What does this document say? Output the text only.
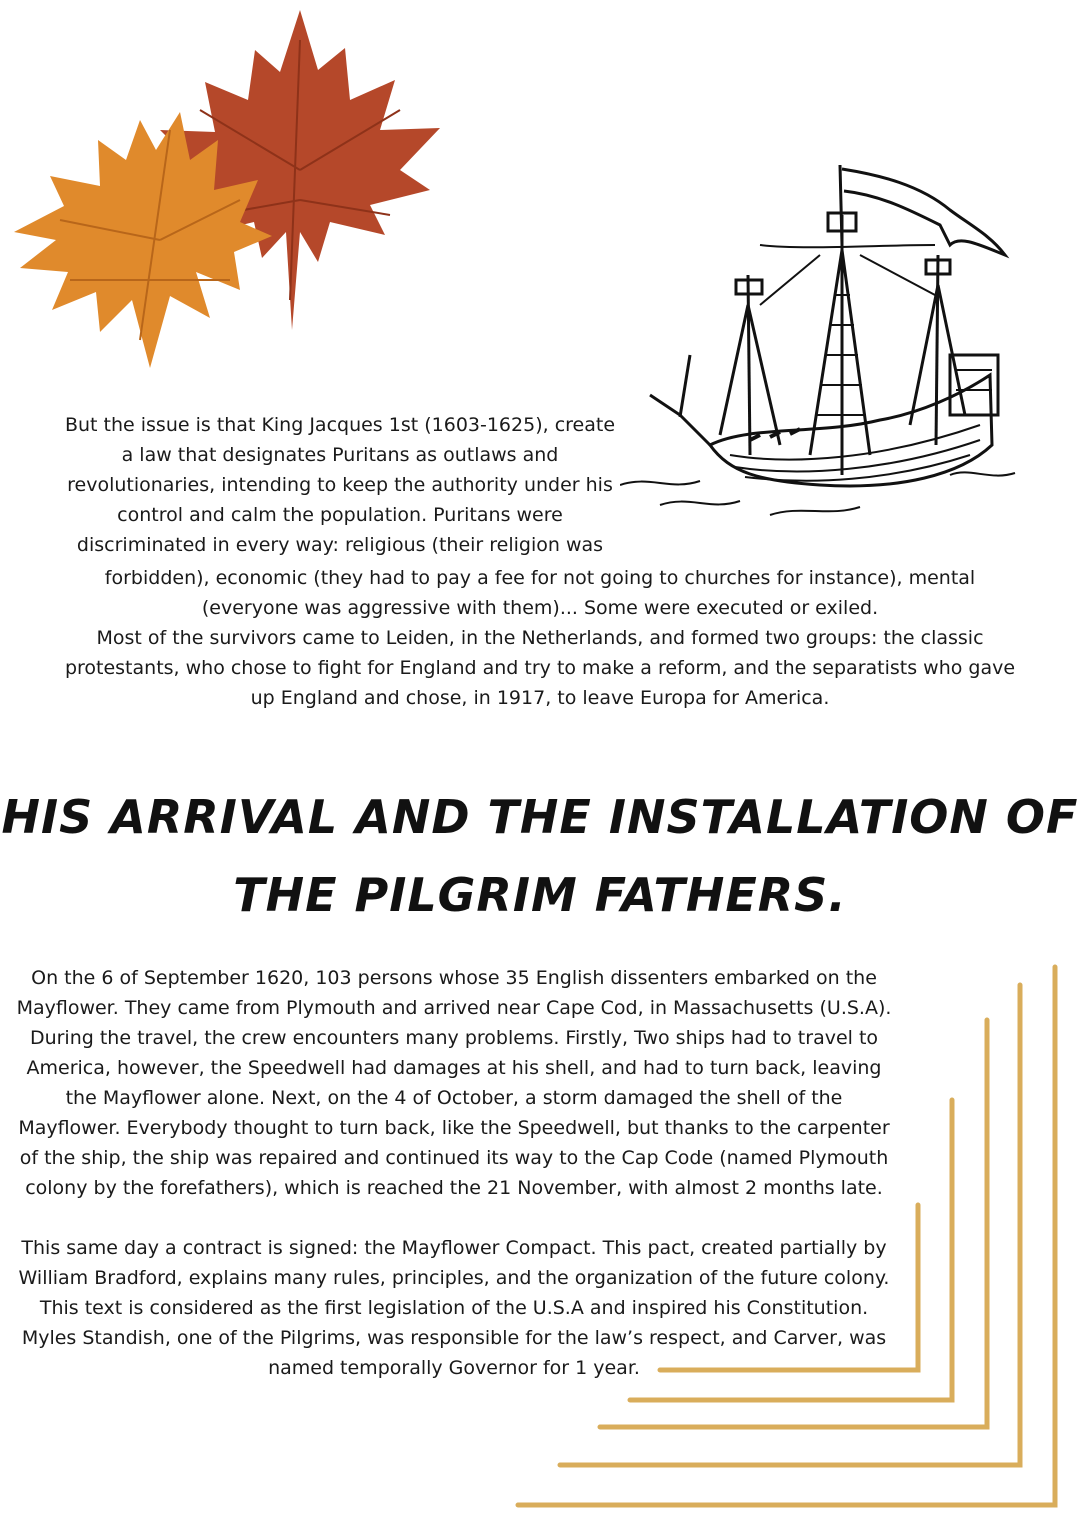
But the issue is that King Jacques 1st (1603-1625), create
a law that designates Puritans as outlaws and
revolutionaries, intending to keep the authority under his
control and calm the population. Puritans were
discriminated in every way: religious (their religion was
forbidden), economic (they had to pay a fee for not going to churches for instance), mental
(everyone was aggressive with them)... Some were executed or exiled.
Most of the survivors came to Leiden, in the Netherlands, and formed two groups: the classic
protestants, who chose to fight for England and try to make a reform, and the separatists who gave
up England and chose, in 1917, to leave Europa for America.
HIS ARRIVAL AND THE INSTALLATION OF
THE PILGRIM FATHERS.
On the 6 of September 1620, 103 persons whose 35 English dissenters embarked on the
Mayflower. They came from Plymouth and arrived near Cape Cod, in Massachusetts (U.S.A).
During the travel, the crew encounters many problems. Firstly, Two ships had to travel to
America, however, the Speedwell had damages at his shell, and had to turn back, leaving
the Mayflower alone. Next, on the 4 of October, a storm damaged the shell of the
Mayflower. Everybody thought to turn back, like the Speedwell, but thanks to the carpenter
of the ship, the ship was repaired and continued its way to the Cap Code (named Plymouth
colony by the forefathers), which is reached the 21 November, with almost 2 months late.
This same day a contract is signed: the Mayflower Compact. This pact, created partially by
William Bradford, explains many rules, principles, and the organization of the future colony.
This text is considered as the first legislation of the U.S.A and inspired his Constitution.
Myles Standish, one of the Pilgrims, was responsible for the law’s respect, and Carver, was
named temporally Governor for 1 year.
